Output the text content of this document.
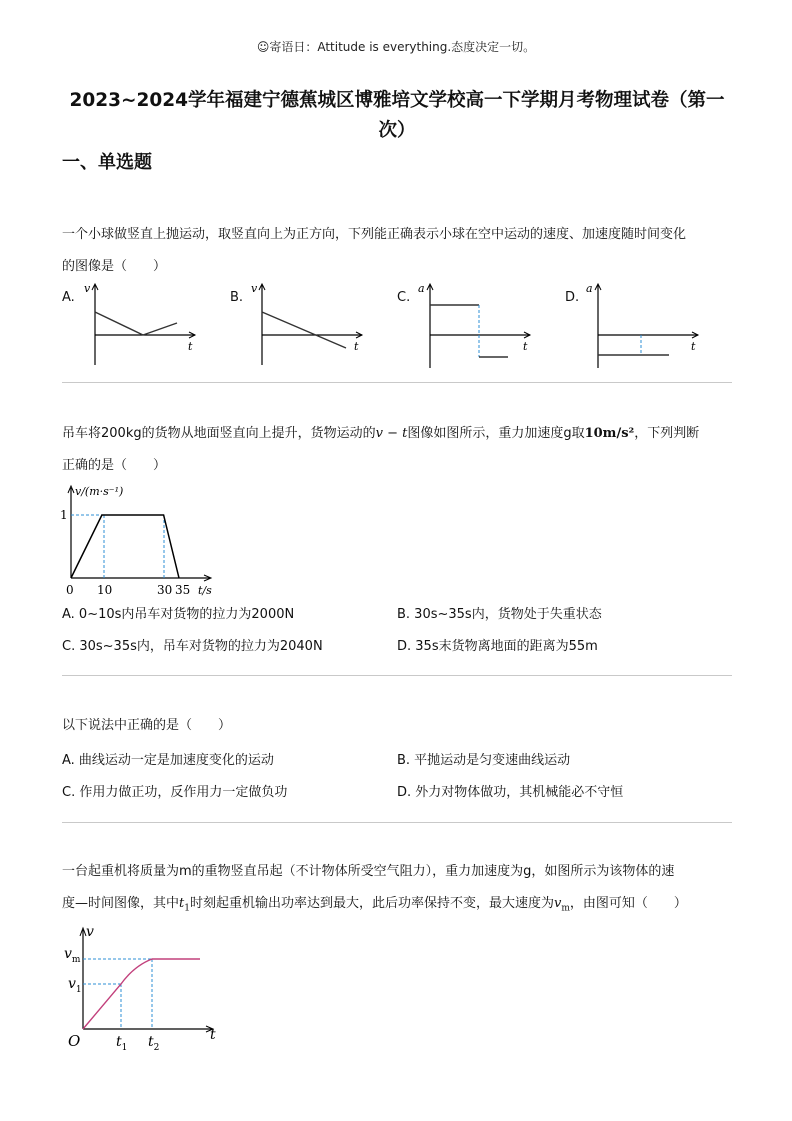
☺寄语日：Attitude is everything.态度决定一切。
2023~2024学年福建宁德蕉城区博雅培文学校高一下学期月考物理试卷（第一
次）
一、单选题
一个小球做竖直上抛运动，取竖直向上为正方向，下列能正确表示小球在空中运动的速度、加速度随时间变化
的图像是（　　）
A.
v
t
B.
v
t
C.
a
t
D.
a
t
吊车将200kg的货物从地面竖直向上提升，货物运动的v − t图像如图所示，重力加速度g取10m/s²，下列判断
正确的是（　　）
v/(m·s⁻¹)
1
0 10	30 35 t/s
A. 0~10s内吊车对货物的拉力为2000N	B. 30s~35s内，货物处于失重状态
C. 30s~35s内，吊车对货物的拉力为2040N	D. 35s末货物离地面的距离为55m
以下说法中正确的是（　　）
A. 曲线运动一定是加速度变化的运动	B. 平抛运动是匀变速曲线运动
C. 作用力做正功，反作用力一定做负功	D. 外力对物体做功，其机械能必不守恒
一台起重机将质量为m的重物竖直吊起（不计物体所受空气阻力），重力加速度为g，如图所示为该物体的速
度—时间图像，其中$t_1$时刻起重机输出功率达到最大，此后功率保持不变，最大速度为$v_m$，由图可知（　　）
v
t
O
$v_m$
$v_1$
$t_1$ $t_2$
